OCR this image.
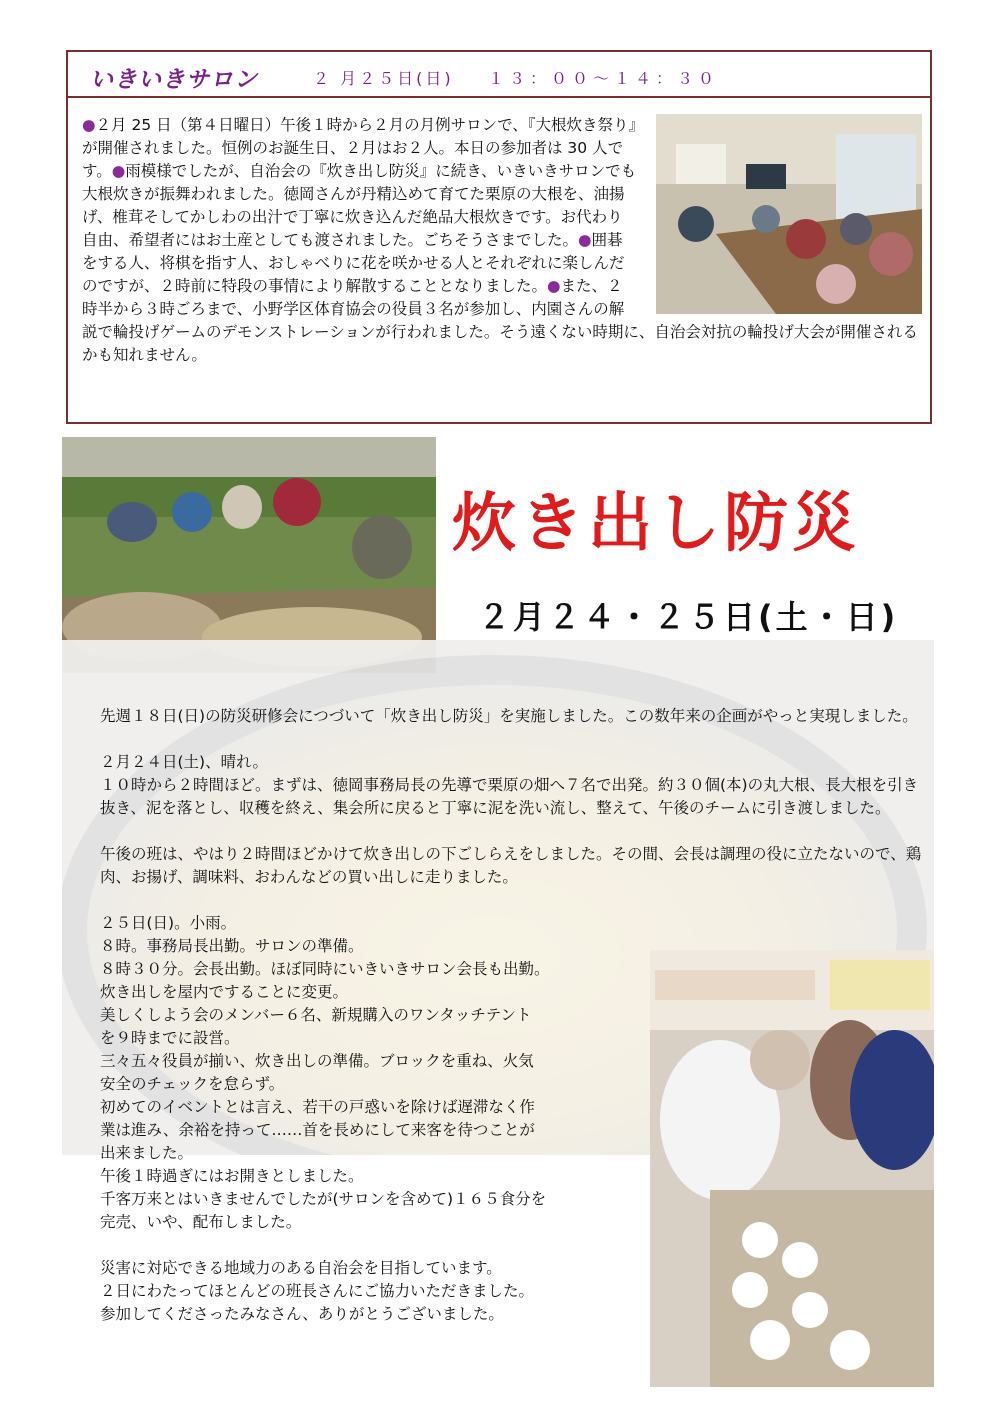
いきいきサロン	２ 月２５日(日) １３：００～１４：３０
●２月 25 日（第４日曜日）午後１時から２月の月例サロンで、『大根炊き祭り』が開催されました。恒例のお誕生日、２月はお２人。本日の参加者は 30 人です。●雨模様でしたが、自治会の『炊き出し防災』に続き、いきいきサロンでも大根炊きが振舞われました。徳岡さんが丹精込めて育てた栗原の大根を、油揚げ、椎茸そしてかしわの出汁で丁寧に炊き込んだ絶品大根炊きです。お代わり自由、希望者にはお土産としても渡されました。ごちそうさまでした。●囲碁をする人、将棋を指す人、おしゃべりに花を咲かせる人とそれぞれに楽しんだのですが、２時前に特段の事情により解散することとなりました。●また、２時半から３時ごろまで、小野学区体育協会の役員３名が参加し、内園さんの解説で輪投げゲームのデモンストレーションが行われました。そう遠くない時期に、自治会対抗の輪投げ大会が開催されるかも知れません。
炊き出し防災
２月２４・２５日(土・日)

先週１８日(日)の防災研修会につづいて「炊き出し防災」を実施しました。この数年来の企画がやっと実現しました。

２月２４日(土)、晴れ。

１０時から２時間ほど。まずは、徳岡事務局長の先導で栗原の畑へ７名で出発。約３０個(本)の丸大根、長大根を引き抜き、泥を落とし、収穫を終え、集会所に戻ると丁寧に泥を洗い流し、整えて、午後のチームに引き渡しました。

午後の班は、やはり２時間ほどかけて炊き出しの下ごしらえをしました。その間、会長は調理の役に立たないので、鶏肉、お揚げ、調味料、おわんなどの買い出しに走りました。

２５日(日)。小雨。

８時。事務局長出勤。サロンの準備。

８時３０分。会長出勤。ほぼ同時にいきいきサロン会長も出勤。

炊き出しを屋内ですることに変更。

美しくしよう会のメンバー６名、新規購入のワンタッチテント

を９時までに設営。

三々五々役員が揃い、炊き出しの準備。ブロックを重ね、火気

安全のチェックを怠らず。

初めてのイベントとは言え、若干の戸惑いを除けば遅滞なく作

業は進み、余裕を持って……首を長めにして来客を待つことが

出来ました。

午後１時過ぎにはお開きとしました。

千客万来とはいきませんでしたが(サロンを含めて)１６５食分を

完売、いや、配布しました。

災害に対応できる地域力のある自治会を目指しています。

２日にわたってほとんどの班長さんにご協力いただきました。

参加してくださったみなさん、ありがとうございました。
